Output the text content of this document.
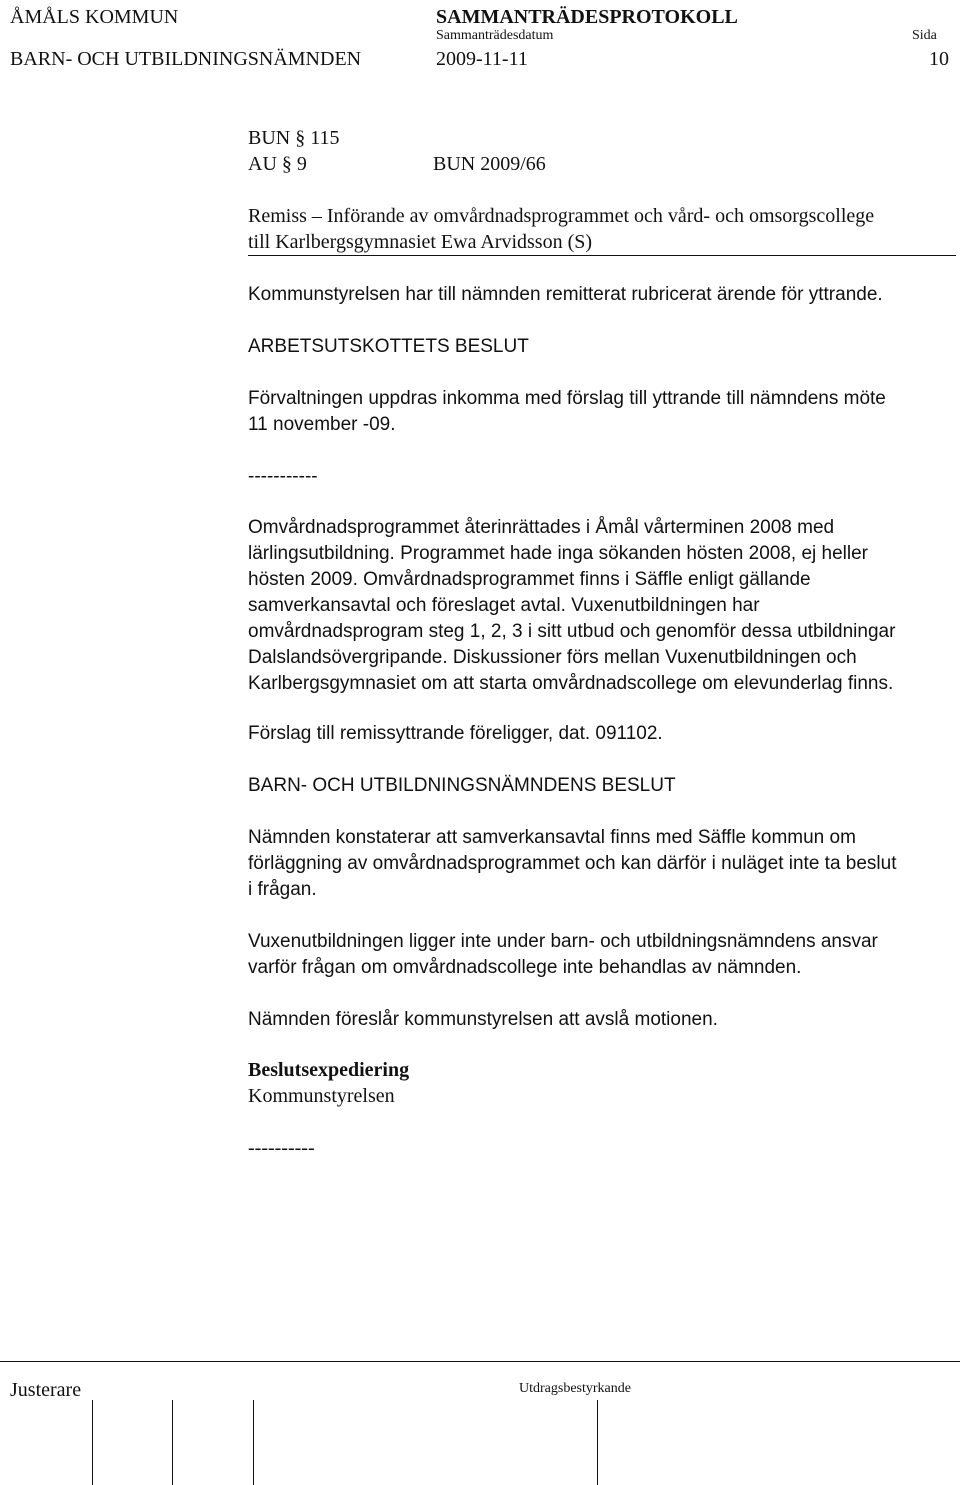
ÅMÅLS KOMMUN	SAMMANTRÄDESPROTOKOLL
Sammanträdesdatum	Sida
BARN- OCH UTBILDNINGSNÄMNDEN	2009-11-11	10
BUN § 115
AU § 9	BUN 2009/66
Remiss – Införande av omvårdnadsprogrammet och vård- och omsorgscollege
till Karlbergsgymnasiet Ewa Arvidsson (S)
Kommunstyrelsen har till nämnden remitterat rubricerat ärende för yttrande.
ARBETSUTSKOTTETS BESLUT
Förvaltningen uppdras inkomma med förslag till yttrande till nämndens möte
11 november -09.
-----------
Omvårdnadsprogrammet återinrättades i Åmål vårterminen 2008 med
lärlingsutbildning. Programmet hade inga sökanden hösten 2008, ej heller
hösten 2009. Omvårdnadsprogrammet finns i Säffle enligt gällande
samverkansavtal och föreslaget avtal. Vuxenutbildningen har
omvårdnadsprogram steg 1, 2, 3 i sitt utbud och genomför dessa utbildningar
Dalslandsövergripande. Diskussioner förs mellan Vuxenutbildningen och
Karlbergsgymnasiet om att starta omvårdnadscollege om elevunderlag finns.
Förslag till remissyttrande föreligger, dat. 091102.
BARN- OCH UTBILDNINGSNÄMNDENS BESLUT
Nämnden konstaterar att samverkansavtal finns med Säffle kommun om
förläggning av omvårdnadsprogrammet och kan därför i nuläget inte ta beslut
i frågan.
Vuxenutbildningen ligger inte under barn- och utbildningsnämndens ansvar
varför frågan om omvårdnadscollege inte behandlas av nämnden.
Nämnden föreslår kommunstyrelsen att avslå motionen.
Beslutsexpediering
Kommunstyrelsen
----------
Justerare	Utdragsbestyrkande
